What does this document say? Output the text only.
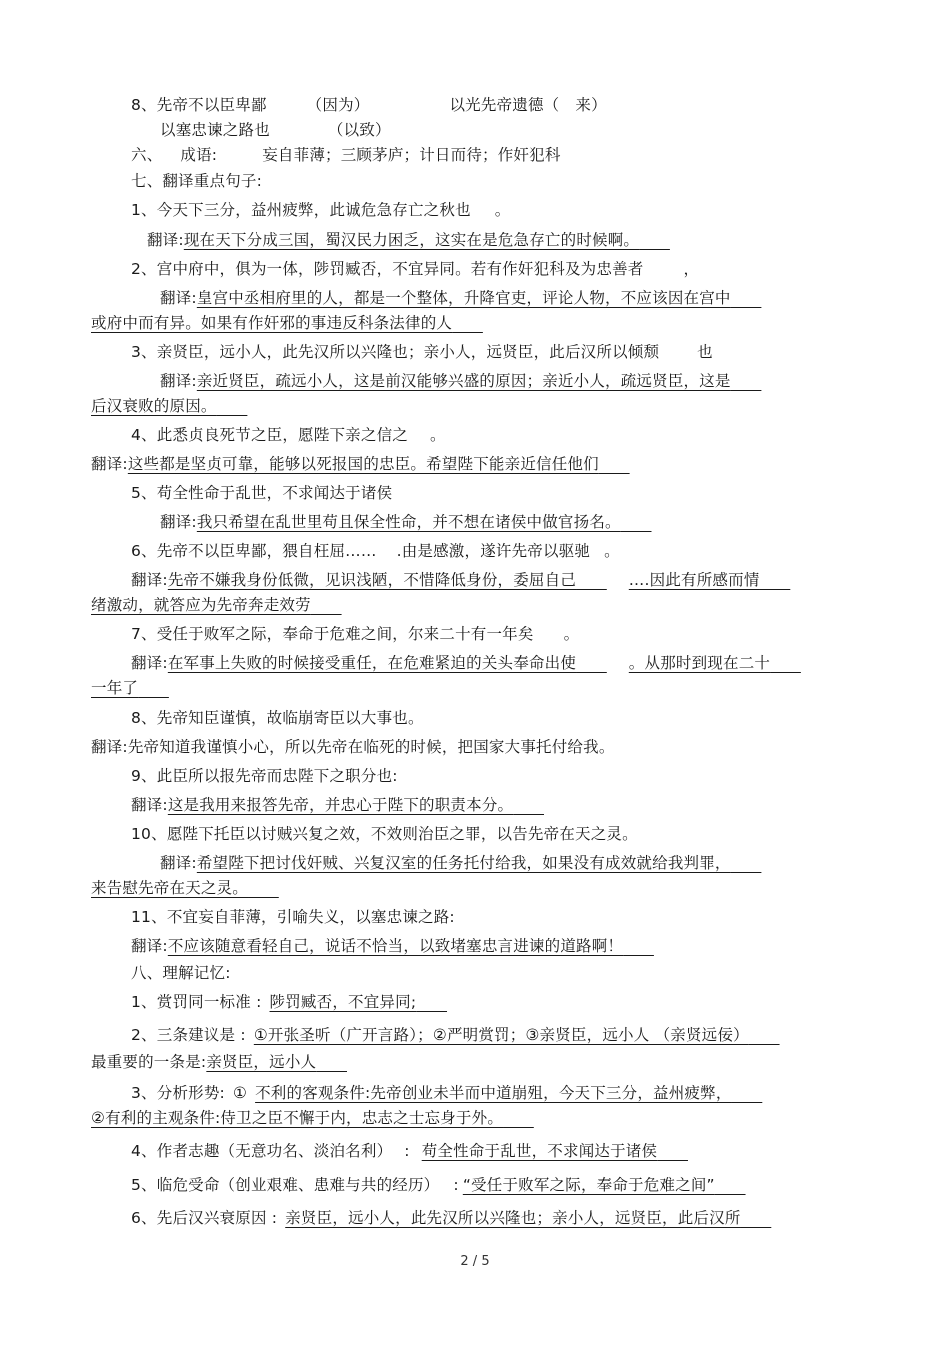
8、先帝不以臣卑鄙	（因为）	以光先帝遗德（ 来）
以塞忠谏之路也	（以致）
六、 成语:	妄自菲薄；三顾茅庐；计日而待；作奸犯科
七、翻译重点句子:
1、今天下三分，益州疲弊，此诚危急存亡之秋也 。
翻译:现在天下分成三国，蜀汉民力困乏，这实在是危急存亡的时候啊。
2、宫中府中，俱为一体，陟罚臧否，不宜异同。若有作奸犯科及为忠善者	，
翻译:皇宫中丞相府里的人，都是一个整体，升降官吏，评论人物，不应该因在宫中
或府中而有异。如果有作奸邪的事违反科条法律的人
3、亲贤臣，远小人，此先汉所以兴隆也；亲小人，远贤臣，此后汉所以倾颓 也
翻译:亲近贤臣，疏远小人，这是前汉能够兴盛的原因；亲近小人，疏远贤臣，这是
后汉衰败的原因。
4、此悉贞良死节之臣，愿陛下亲之信之 。
翻译:这些都是坚贞可靠，能够以死报国的忠臣。希望陛下能亲近信任他们
5、苟全性命于乱世，不求闻达于诸侯
翻译:我只希望在乱世里苟且保全性命，并不想在诸侯中做官扬名。
6、先帝不以臣卑鄙，猥自枉屈…… .由是感激，遂许先帝以驱驰 。
翻译:先帝不嫌我身份低微，见识浅陋，不惜降低身份，委屈自己	….因此有所感而情
绪激动，就答应为先帝奔走效劳
7、受任于败军之际，奉命于危难之间，尔来二十有一年矣 。
翻译:在军事上失败的时候接受重任，在危难紧迫的关头奉命出使	。从那时到现在二十
一年了
8、先帝知臣谨慎，故临崩寄臣以大事也。
翻译:先帝知道我谨慎小心，所以先帝在临死的时候，把国家大事托付给我。
9、此臣所以报先帝而忠陛下之职分也:
翻译:这是我用来报答先帝，并忠心于陛下的职责本分。
10、愿陛下托臣以讨贼兴复之效，不效则治臣之罪，以告先帝在天之灵。
翻译:希望陛下把讨伐奸贼、兴复汉室的任务托付给我，如果没有成效就给我判罪，
来告慰先帝在天之灵。
11、不宜妄自菲薄，引喻失义，以塞忠谏之路:
翻译:不应该随意看轻自己，说话不恰当，以致堵塞忠言进谏的道路啊！
八、理解记忆:
1、赏罚同一标准 : 陟罚臧否，不宜异同;
2、三条建议是 : ①开张圣听（广开言路）；②严明赏罚；③亲贤臣，远小人 （亲贤远佞）
最重要的一条是:亲贤臣，远小人
3、分析形势: ① 不利的客观条件:先帝创业未半而中道崩殂，今天下三分，益州疲弊，
②有利的主观条件:侍卫之臣不懈于内，忠志之士忘身于外。
4、作者志趣（无意功名、淡泊名利） : 苟全性命于乱世，不求闻达于诸侯
5、临危受命（创业艰难、患难与共的经历） : “受任于败军之际，奉命于危难之间”
6、先后汉兴衰原因 : 亲贤臣，远小人，此先汉所以兴隆也；亲小人，远贤臣，此后汉所
2 / 5
